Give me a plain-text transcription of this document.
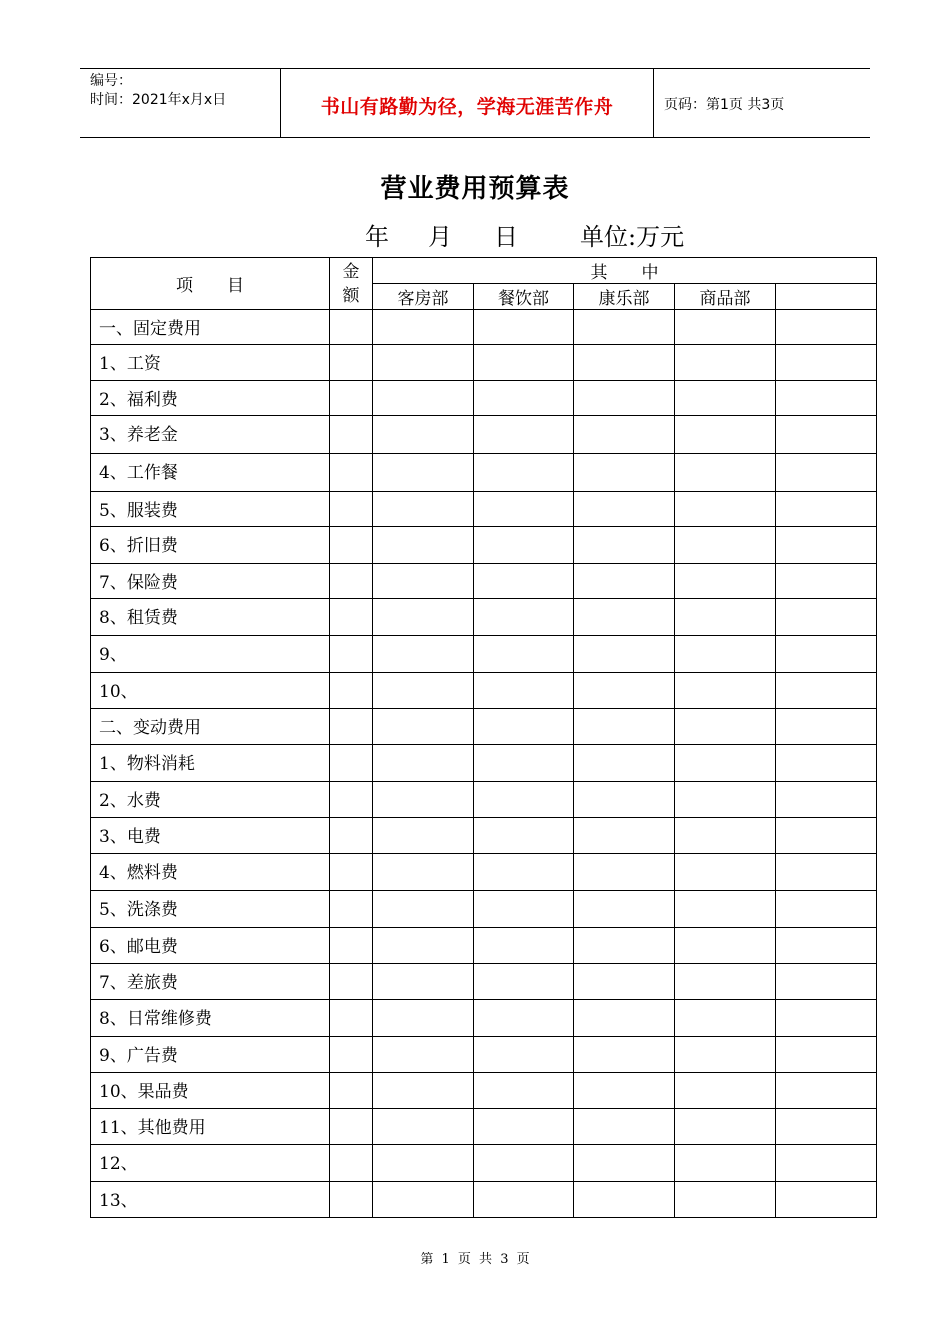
编号：
时间：2021年x月x日	书山有路勤为径，学海无涯苦作舟	页码：第1页 共3页
营业费用预算表
年 月 日	单位:万元
项　　目	金
额	其　　中				
		客房部	餐饮部	康乐部	商品部	
一、固定费用						
1、工资						
2、福利费						
3、养老金						
4、工作餐						
5、服装费						
6、折旧费						
7、保险费						
8、租赁费						
9、						
10、						
二、变动费用						
1、物料消耗						
2、水费						
3、电费						
4、燃料费						
5、洗涤费						
6、邮电费						
7、差旅费						
8、日常维修费						
9、广告费						
10、果品费						
11、其他费用						
12、						
13、						
第 1 页 共 3 页
